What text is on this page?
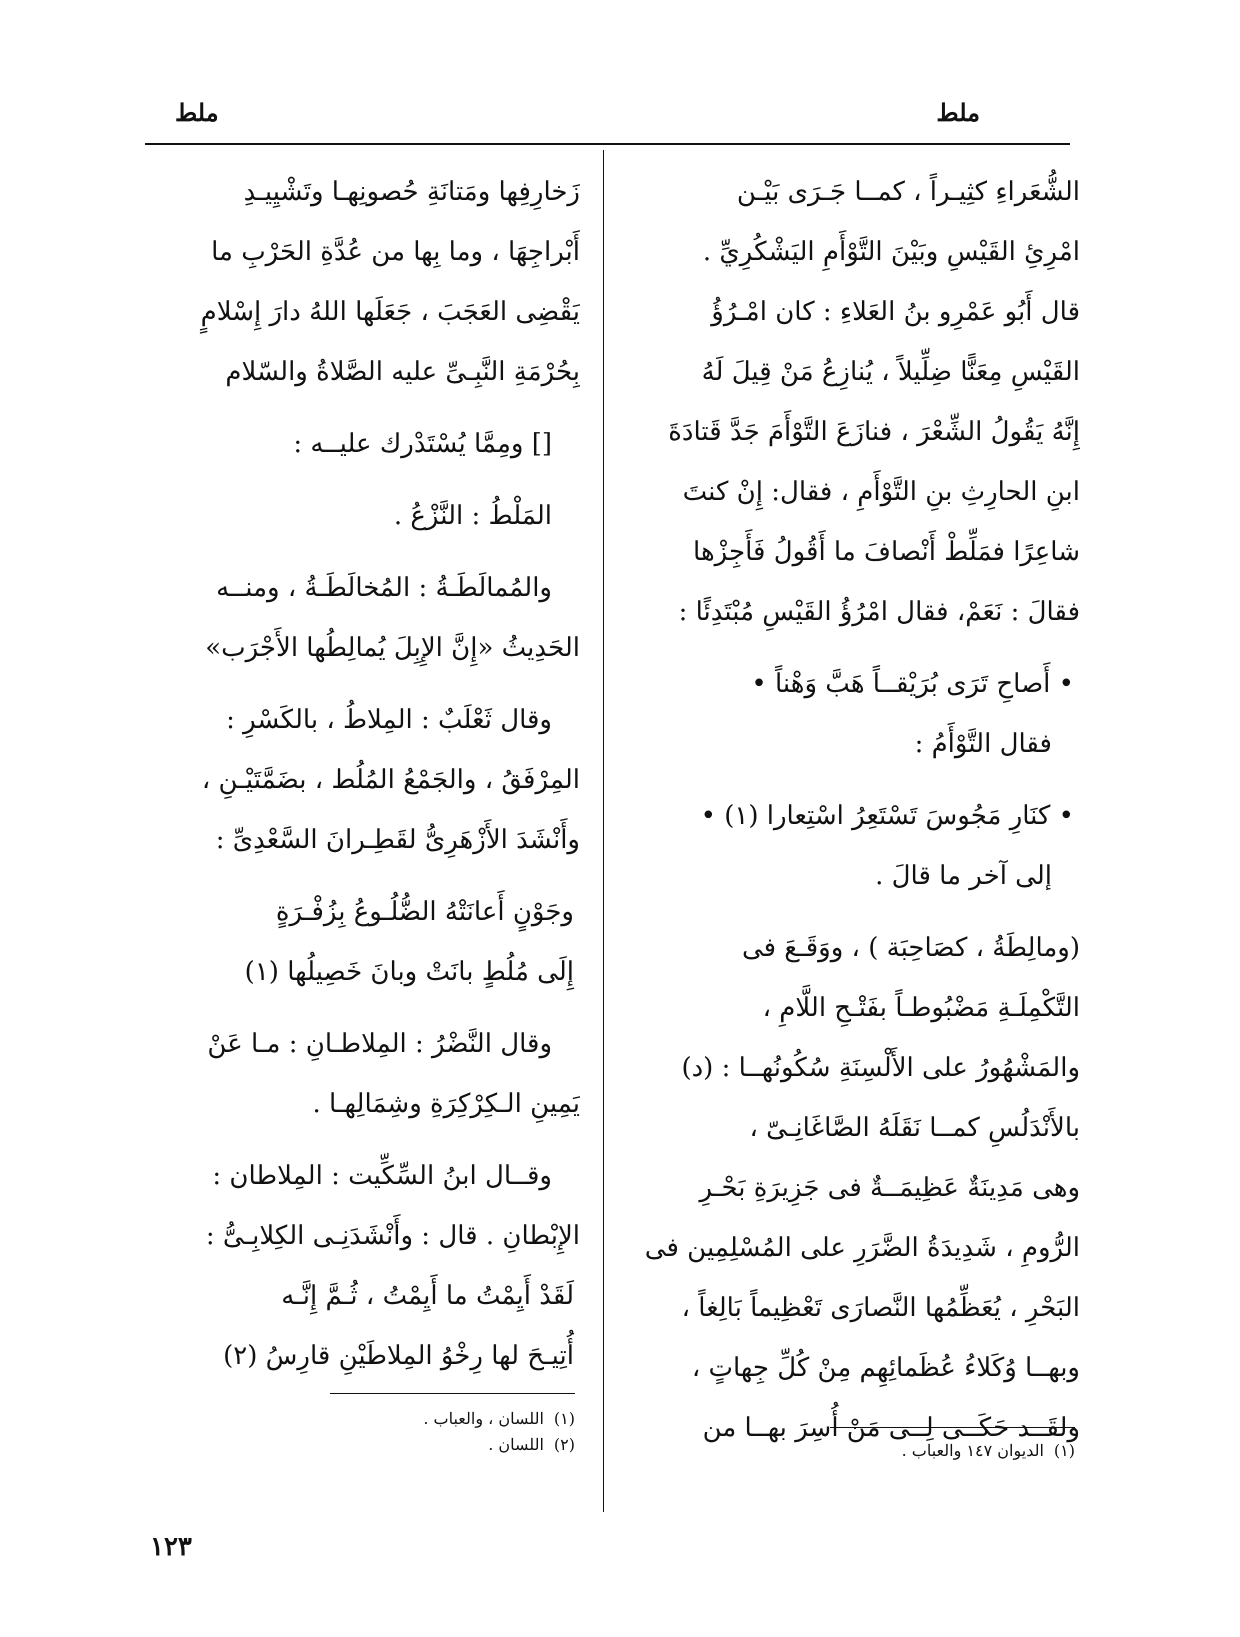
ملط
ملط
الشُّعَراءِ كثِيـراً ، كمــا جَـرَى بَيْـن
امْرِئِ القَيْسِ وبَيْنَ التَّوْأَمِ اليَشْكُرِيِّ .
قال أَبُو عَمْرِو بنُ العَلاءِ : كان امْـرُؤُ
القَيْسِ مِعَنًّا ضِلِّيلاً ، يُنازِعُ مَنْ قِيلَ لَهُ
إِنَّهُ يَقُولُ الشِّعْرَ ، فنازَعَ التَّوْأَمَ جَدَّ قَتادَةَ
ابنِ الحارِثِ بنِ التَّوْأَمِ ، فقال: إِنْ كنتَ
شاعِرًا فمَلِّطْ أَنْصافَ ما أَقُولُ فَأَجِزْها
فقالَ : نَعَمْ، فقال امْرُؤُ القَيْسِ مُبْتَدِئًا :
• أَصاحِ تَرَى بُرَيْقــاً هَبَّ وَهْناً •
فقال التَّوْأَمُ :
• كنَارِ مَجُوسَ تَسْتَعِرُ اسْتِعارا (١) •
إلى آخر ما قالَ .
(ومالِطَةُ ، كصَاحِبَة ) ، ووَقَـعَ فى
التَّكْمِلَـةِ مَضْبُوطـاً بفَتْـحِ اللَّامِ ،
والمَشْهُورُ على الأَلْسِنَةِ سُكُونُهــا : (د)
بالأَنْدَلُسِ كمــا نَقَلَهُ الصَّاغَانِـىّ ،
وهى مَدِينَةٌ عَظِيمَــةٌ فى جَزِيرَةِ بَحْـرِ
الرُّومِ ، شَدِيدَةُ الضَّرَرِ على المُسْلِمِين فى
البَحْرِ ، يُعَظِّمُها النَّصارَى تَعْظِيماً بَالِغاً ،
وبهــا وُكَلاءُ عُظَمائِهِم مِنْ كُلِّ جِهاتٍ ،
ولقَــد حَكَــى لِــى مَنْ أُسِرَ بهــا من
زَخارِفِها ومَتانَةِ حُصونِهـا وتَشْيِيـدِ
أَبْراجِهَا ، وما بِها من عُدَّةِ الحَرْبِ ما
يَقْضِى العَجَبَ ، جَعَلَها اللهُ دارَ إِسْلامٍ
بِحُرْمَةِ النَّبِـىِّ عليه الصَّلاةُ والسّلام
[] ومِمَّا يُسْتَدْرك عليــه :
المَلْطُ : النَّزْعُ .
والمُمالَطَـةُ : المُخالَطَـةُ ، ومنــه
الحَدِيثُ «إِنَّ الإِبِلَ يُمالِطُها الأَجْرَب»
وقال ثَعْلَبٌ : المِلاطُ ، بالكَسْرِ :
المِرْفَقُ ، والجَمْعُ المُلُط ، بضَمَّتَيْـنِ ،
وأَنْشَدَ الأَزْهَرِىُّ لقَطِـرانَ السَّعْدِىِّ :
وجَوْنٍ أَعانَتْهُ الضُّلُـوعُ بِزُفْـرَةٍ
إِلَى مُلُطٍ بانَتْ وبانَ خَصِيلُها (١)
وقال النَّضْرُ : المِلاطـانِ : مـا عَنْ
يَمِينِ الـكِرْكِرَةِ وشِمَالِهـا .
وقــال ابنُ السِّكِّيت : المِلاطان :
الإِبْطانِ . قال : وأَنْشَدَنِـى الكِلابِـىُّ :
لَقَدْ أَيِمْتُ ما أَيِمْتُ ، ثُـمَّ إِنَّـه
أُتِيـحَ لها رِخْوُ المِلاطَيْنِ قارِسُ (٢)
(١)الديوان ١٤٧ والعباب .
(١)اللسان ، والعباب .
(٢)اللسان .
١٢٣
